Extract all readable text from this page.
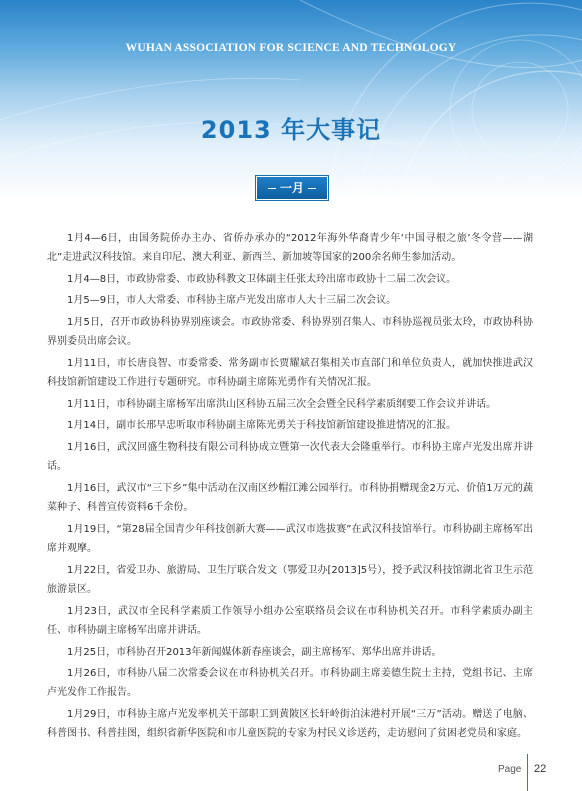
1001010100010100
0101001000101001
10100010011
WUHAN ASSOCIATION FOR SCIENCE AND TECHNOLOGY
2013 年大事记
一月

1月4—6日，由国务院侨办主办、省侨办承办的“2012年海外华裔青少年‘中国寻根之旅’冬令营——湖北”走进武汉科技馆。来自印尼、澳大利亚、新西兰、新加坡等国家的200余名师生参加活动。

1月4—8日，市政协常委、市政协科教文卫体副主任张太玲出席市政协十二届二次会议。

1月5—9日，市人大常委、市科协主席卢光发出席市人大十三届二次会议。

1月5日，召开市政协科协界别座谈会。市政协常委、科协界别召集人、市科协巡视员张太玲，市政协科协界别委员出席会议。

1月11日，市长唐良智、市委常委、常务副市长贾耀斌召集相关市直部门和单位负责人，就加快推进武汉科技馆新馆建设工作进行专题研究。市科协副主席陈光勇作有关情况汇报。

1月11日，市科协副主席杨军出席洪山区科协五届三次全会暨全民科学素质纲要工作会议并讲话。

1月14日，副市长邢早忠听取市科协副主席陈光勇关于科技馆新馆建设推进情况的汇报。

1月16日，武汉回盛生物科技有限公司科协成立暨第一次代表大会隆重举行。市科协主席卢光发出席并讲话。

1月16日，武汉市“三下乡”集中活动在汉南区纱帽江滩公园举行。市科协捐赠现金2万元、价值1万元的蔬菜种子、科普宣传资料6千余份。

1月19日，“第28届全国青少年科技创新大赛——武汉市选拔赛”在武汉科技馆举行。市科协副主席杨军出席并观摩。

1月22日，省爱卫办、旅游局、卫生厅联合发文（鄂爱卫办[2013]5号），授予武汉科技馆湖北省卫生示范旅游景区。

1月23日，武汉市全民科学素质工作领导小组办公室联络员会议在市科协机关召开。市科学素质办副主任、市科协副主席杨军出席并讲话。

1月25日，市科协召开2013年新闻媒体新春座谈会，副主席杨军、郑华出席并讲话。

1月26日，市科协八届二次常委会议在市科协机关召开。市科协副主席姜德生院士主持，党组书记、主席卢光发作工作报告。

1月29日，市科协主席卢光发率机关干部职工到黄陂区长轩岭街泊沫港村开展“三万”活动。赠送了电脑、科普图书、科普挂图，组织省新华医院和市儿童医院的专家为村民义诊送药，走访慰问了贫困老党员和家庭。

Page 22
